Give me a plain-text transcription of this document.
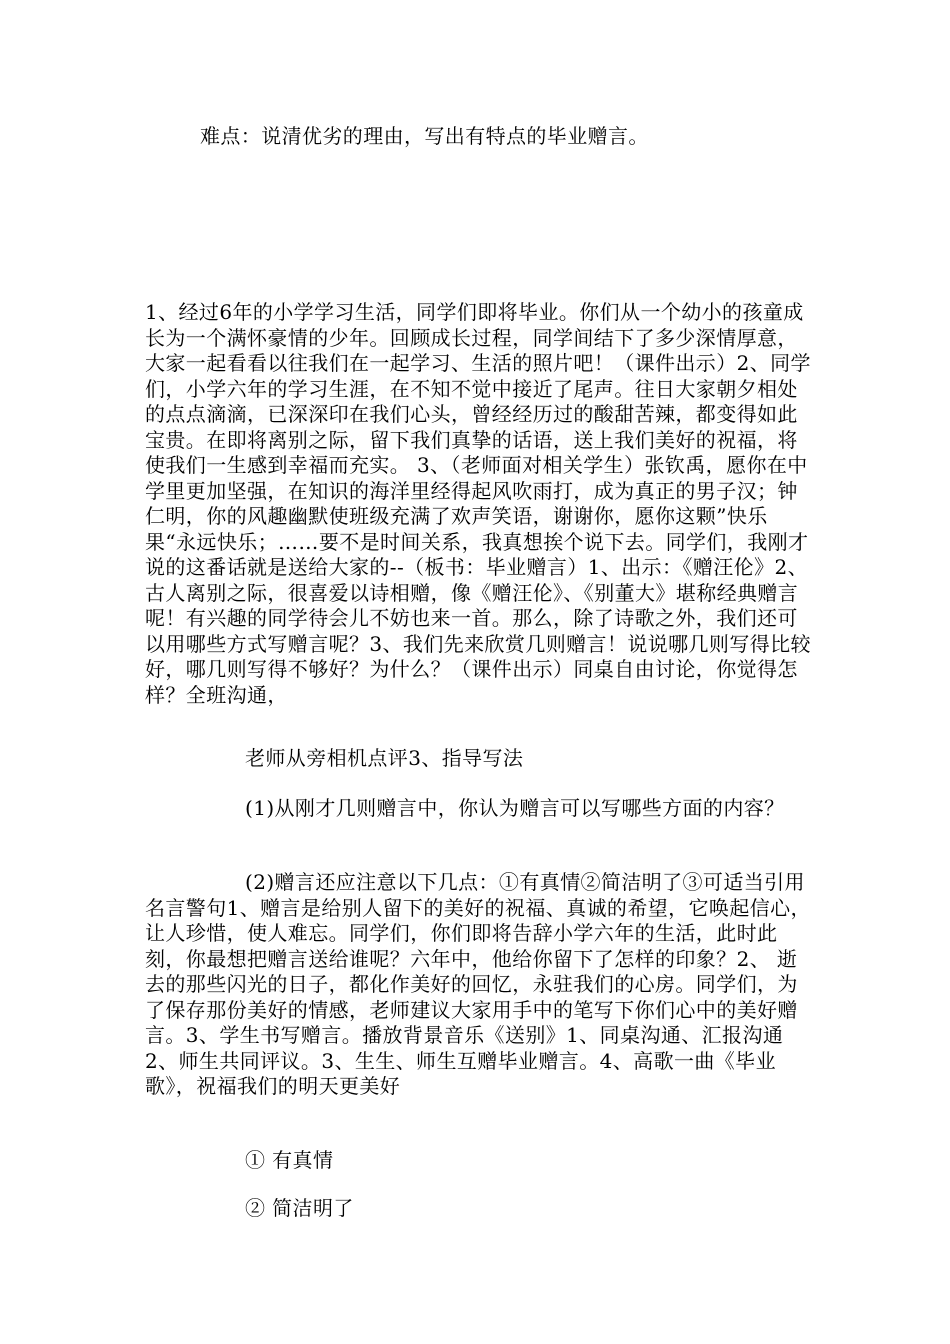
难点：说清优劣的理由，写出有特点的毕业赠言。

1、经过6年的小学学习生活，同学们即将毕业。你们从一个幼小的孩童成长为一个满怀豪情的少年。回顾成长过程，同学间结下了多少深情厚意，大家一起看看以往我们在一起学习、生活的照片吧！（课件出示）2、同学们，小学六年的学习生涯，在不知不觉中接近了尾声。往日大家朝夕相处的点点滴滴，已深深印在我们心头，曾经经历过的酸甜苦辣，都变得如此宝贵。在即将离别之际，留下我们真挚的话语，送上我们美好的祝福，将使我们一生感到幸福而充实。 3、（老师面对相关学生）张钦禹，愿你在中学里更加坚强，在知识的海洋里经得起风吹雨打，成为真正的男子汉；钟仁明，你的风趣幽默使班级充满了欢声笑语，谢谢你，愿你这颗”快乐果“永远快乐；……要不是时间关系，我真想挨个说下去。同学们，我刚才说的这番话就是送给大家的--（板书：毕业赠言）1、出示：《赠汪伦》2、古人离别之际，很喜爱以诗相赠，像《赠汪伦》、《别董大》堪称经典赠言呢！有兴趣的同学待会儿不妨也来一首。那么，除了诗歌之外，我们还可以用哪些方式写赠言呢？3、我们先来欣赏几则赠言！说说哪几则写得比较好，哪几则写得不够好？为什么？（课件出示）同桌自由讨论，你觉得怎样？全班沟通，

老师从旁相机点评3、指导写法

(1)从刚才几则赠言中，你认为赠言可以写哪些方面的内容？

(2)赠言还应注意以下几点：①有真情②简洁明了③可适当引用名言警句1、赠言是给别人留下的美好的祝福、真诚的希望，它唤起信心，让人珍惜，使人难忘。同学们，你们即将告辞小学六年的生活，此时此刻，你最想把赠言送给谁呢？六年中，他给你留下了怎样的印象？2、 逝去的那些闪光的日子，都化作美好的回忆，永驻我们的心房。同学们，为了保存那份美好的情感，老师建议大家用手中的笔写下你们心中的美好赠言。3、学生书写赠言。播放背景音乐《送别》1、同桌沟通、汇报沟通2、师生共同评议。3、生生、师生互赠毕业赠言。4、高歌一曲《毕业歌》，祝福我们的明天更美好

① 有真情

② 简洁明了
